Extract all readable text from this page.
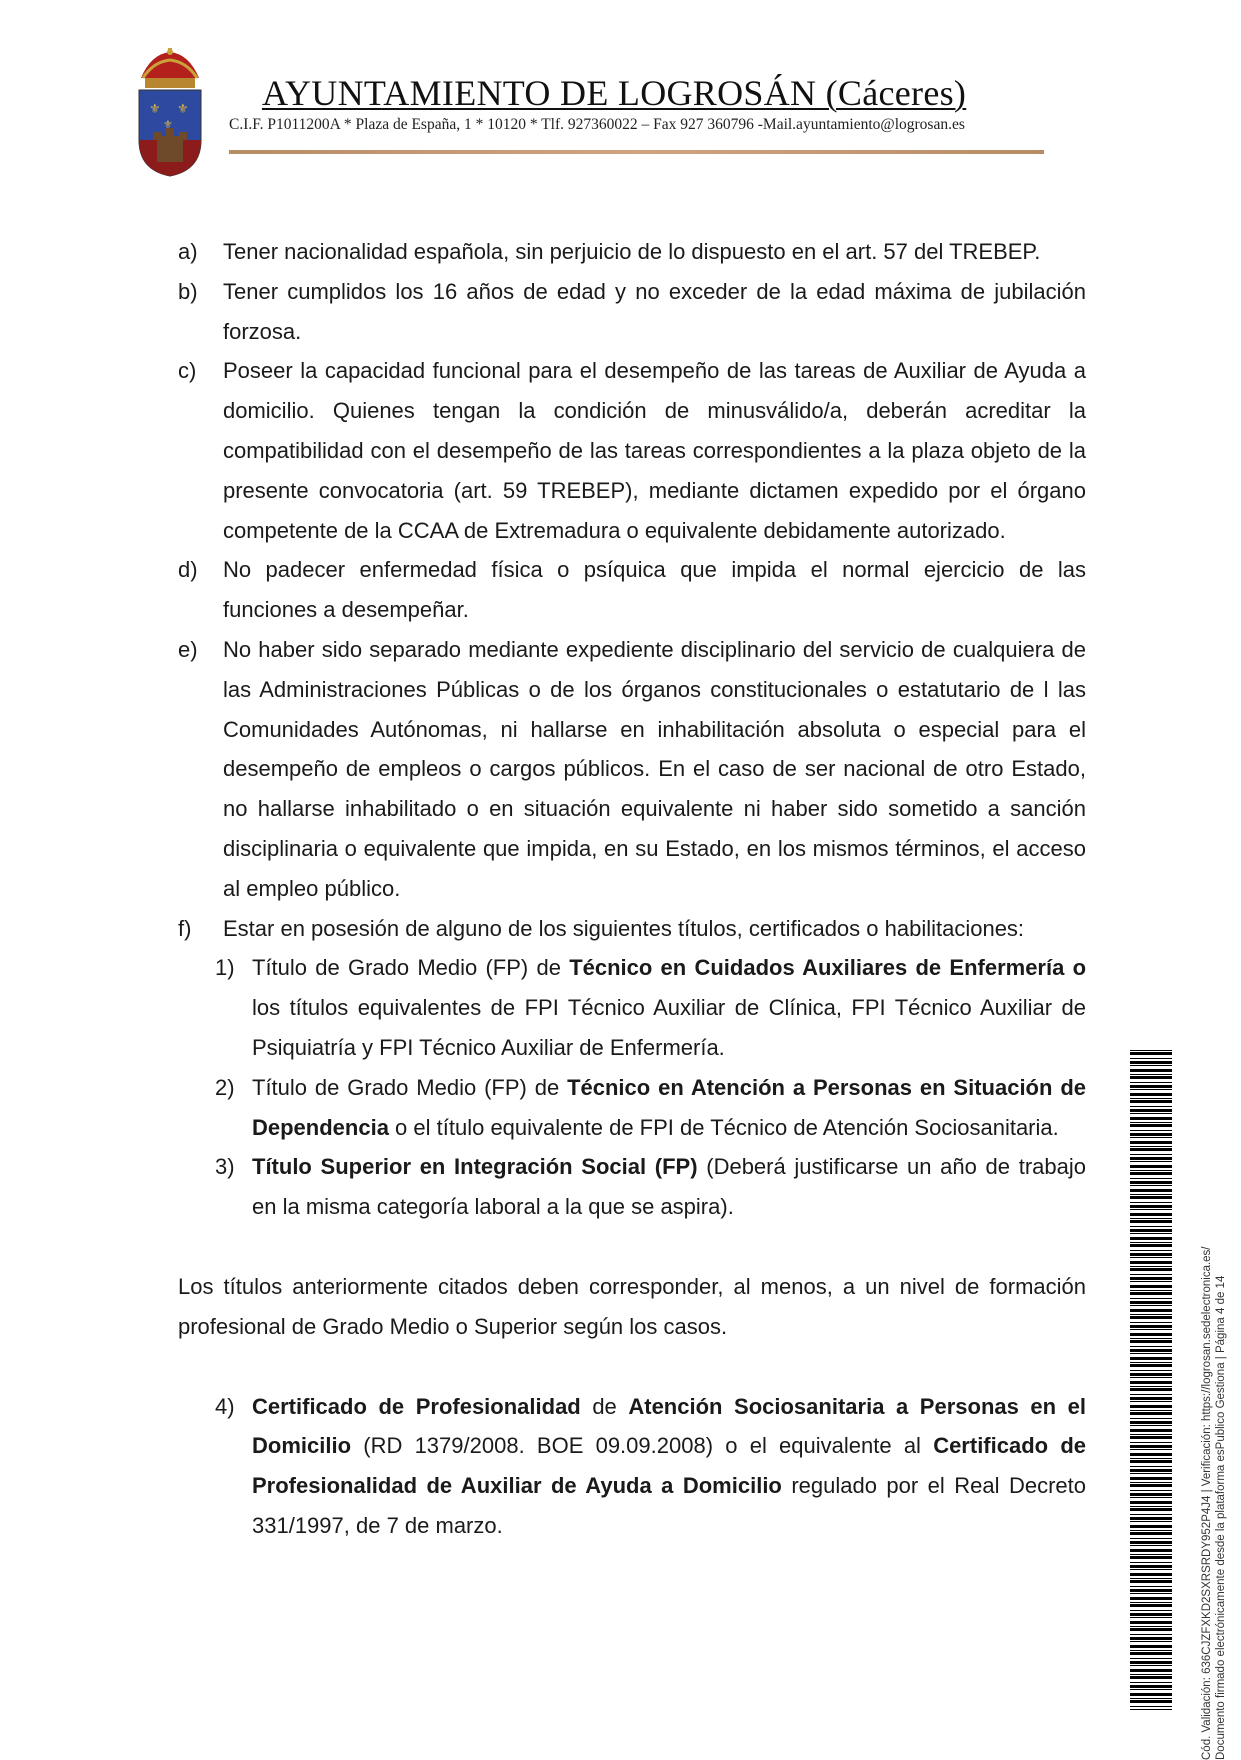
⚜ ⚜
⚜
AYUNTAMIENTO DE LOGROSÁN (Cáceres)
C.I.F. P1011200A * Plaza de España, 1 * 10120 * Tlf. 927360022 – Fax 927 360796 -Mail.ayuntamiento@logrosan.es
a)	Tener nacionalidad española, sin perjuicio de lo dispuesto en el art. 57 del TREBEP.
b)	Tener cumplidos los 16 años de edad y no exceder de la edad máxima de jubilación forzosa.
c)	Poseer la capacidad funcional para el desempeño de las tareas de Auxiliar de Ayuda a domicilio. Quienes tengan la condición de minusválido/a, deberán acreditar la compatibilidad con el desempeño de las tareas correspondientes a la plaza objeto de la presente convocatoria (art. 59 TREBEP), mediante dictamen expedido por el órgano competente de la CCAA de Extremadura o equivalente debidamente autorizado.
d)	No padecer enfermedad física o psíquica que impida el normal ejercicio de las funciones a desempeñar.
e)	No haber sido separado mediante expediente disciplinario del servicio de cualquiera de las Administraciones Públicas o de los órganos constitucionales o estatutario de l las Comunidades Autónomas, ni hallarse en inhabilitación absoluta o especial para el desempeño de empleos o cargos públicos. En el caso de ser nacional de otro Estado, no hallarse inhabilitado o en situación equivalente ni haber sido sometido a sanción disciplinaria o equivalente que impida, en su Estado, en los mismos términos, el acceso al empleo público.
f)	Estar en posesión de alguno de los siguientes títulos, certificados o habilitaciones:
1) Título de Grado Medio (FP) de Técnico en Cuidados Auxiliares de Enfermería o los títulos equivalentes de FPI Técnico Auxiliar de Clínica, FPI Técnico Auxiliar de Psiquiatría y FPI Técnico Auxiliar de Enfermería.
2) Título de Grado Medio (FP) de Técnico en Atención a Personas en Situación de Dependencia o el título equivalente de FPI de Técnico de Atención Sociosanitaria.
3) Título Superior en Integración Social (FP) (Deberá justificarse un año de trabajo en la misma categoría laboral a la que se aspira).
Los títulos anteriormente citados deben corresponder, al menos, a un nivel de formación profesional de Grado Medio o Superior según los casos.
4) Certificado de Profesionalidad de Atención Sociosanitaria a Personas en el Domicilio (RD 1379/2008. BOE 09.09.2008) o el equivalente al Certificado de Profesionalidad de Auxiliar de Ayuda a Domicilio regulado por el Real Decreto 331/1997, de 7 de marzo.	Cód. Validación: 636CJZFXKD2SXRSRDY952P4J4 | Verificación: https://logrosan.sedelectronica.es/ Documento firmado electrónicamente desde la plataforma esPublico Gestiona | Página 4 de 14
